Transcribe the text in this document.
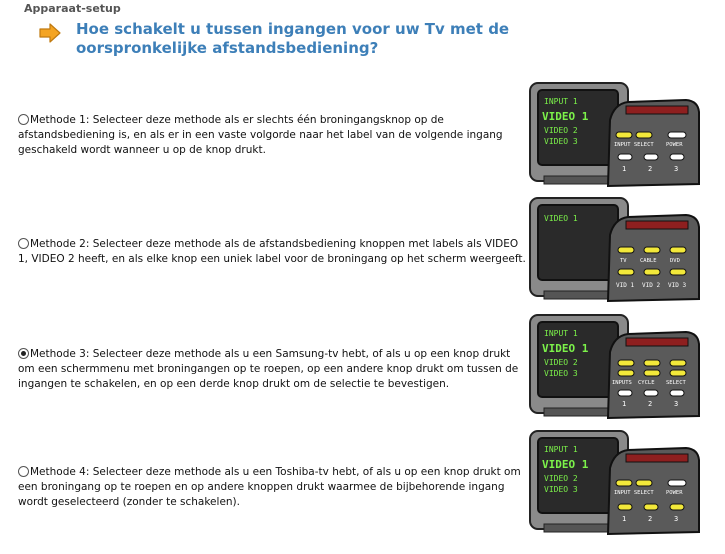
Apparaat-setup
Hoe schakelt u tussen ingangen voor uw Tv met de oorspronkelijke afstandsbediening?
Methode 1: Selecteer deze methode als er slechts één broningangsknop op de afstandsbediening is, en als er in een vaste volgorde naar het label van de volgende ingang geschakeld wordt wanneer u op de knop drukt.
INPUT 1
VIDEO 1
VIDEO 2
VIDEO 3	INPUT SELECT POWER
1	2	3
Methode 2: Selecteer deze methode als de afstandsbediening knoppen met labels als VIDEO 1, VIDEO 2 heeft, en als elke knop een uniek label voor de broningang op het scherm weergeeft.
VIDEO 1
TV CABLE DVD
VID 1 VID 2 VID 3
Methode 3: Selecteer deze methode als u een Samsung-tv hebt, of als u op een knop drukt om een schermmenu met broningangen op te roepen, op een andere knop drukt om tussen de ingangen te schakelen, en op een derde knop drukt om de selectie te bevestigen.
INPUT 1
VIDEO 1
VIDEO 2
VIDEO 3
INPUTS CYCLE SELECT
1	2	3
Methode 4: Selecteer deze methode als u een Toshiba-tv hebt, of als u op een knop drukt om een broningang op te roepen en op andere knoppen drukt waarmee de bijbehorende ingang wordt geselecteerd (zonder te schakelen).
INPUT 1
VIDEO 1
VIDEO 2
VIDEO 3	INPUT SELECT POWER
1	2	3
